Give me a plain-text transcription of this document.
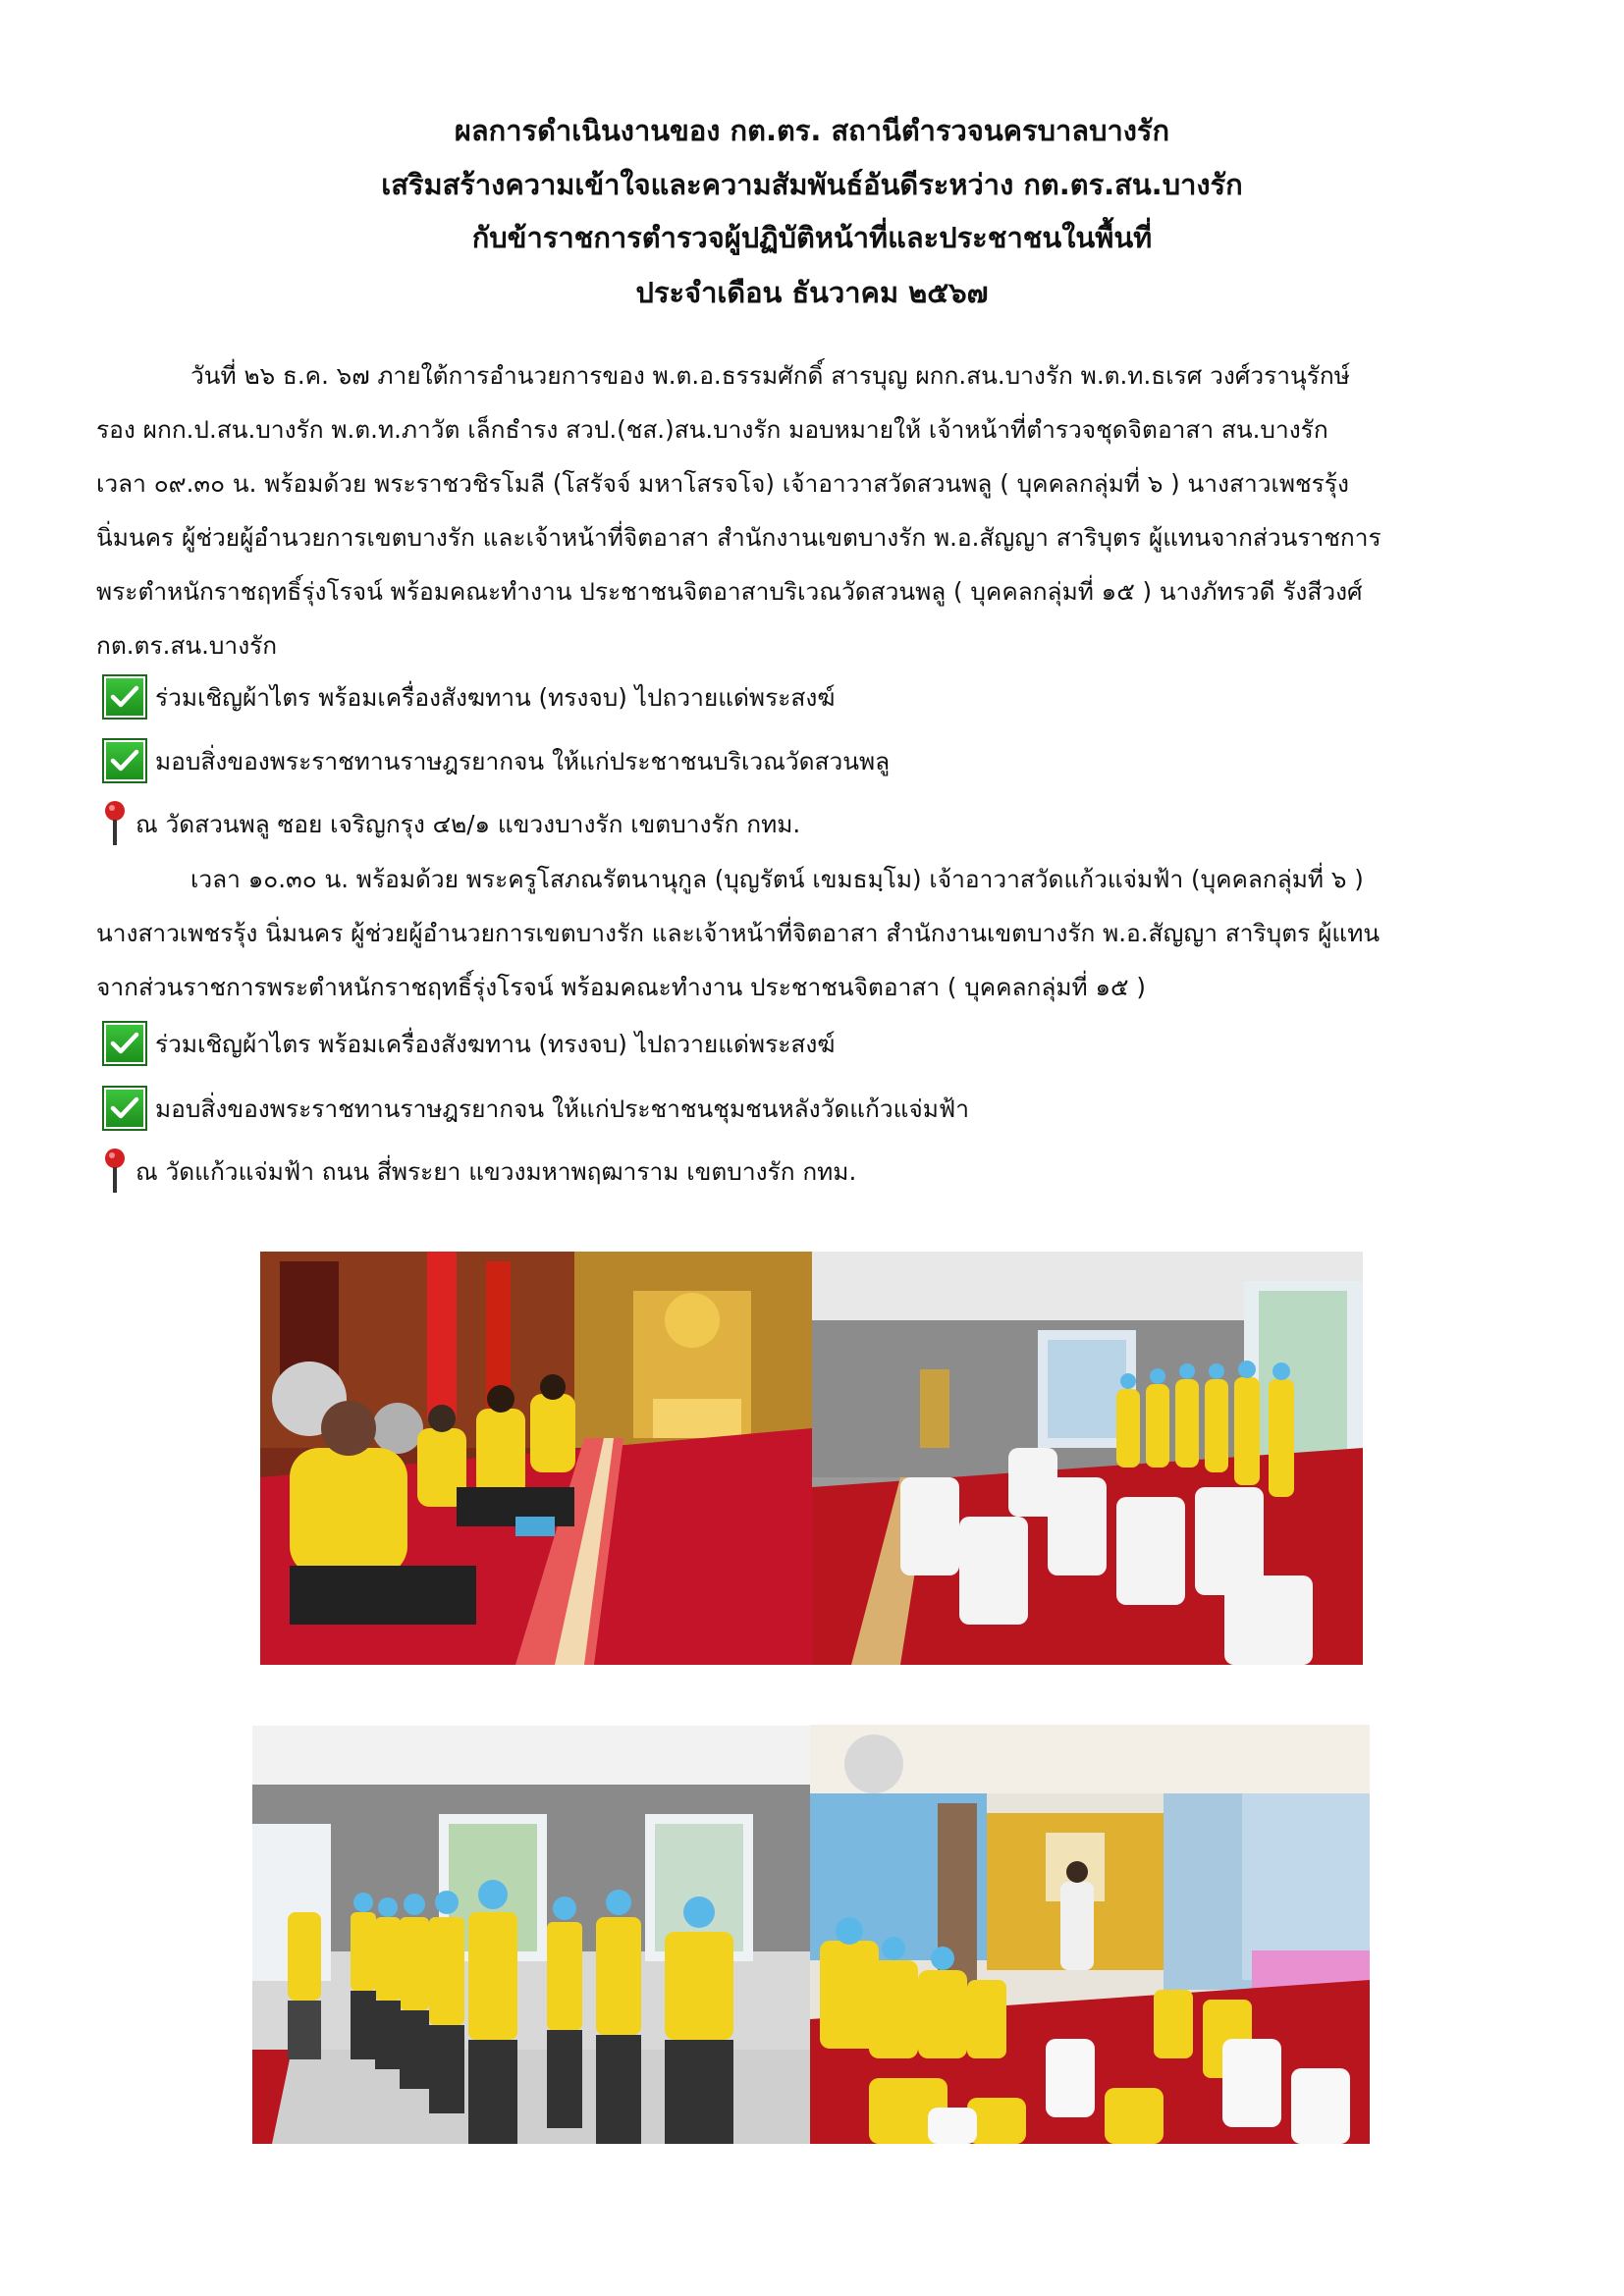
ผลการดำเนินงานของ กต.ตร. สถานีตำรวจนครบาลบางรัก
เสริมสร้างความเข้าใจและความสัมพันธ์อันดีระหว่าง กต.ตร.สน.บางรัก
กับข้าราชการตำรวจผู้ปฏิบัติหน้าที่และประชาชนในพื้นที่
ประจำเดือน ธันวาคม ๒๕๖๗
วันที่ ๒๖ ธ.ค. ๖๗ ภายใต้การอำนวยการของ พ.ต.อ.ธรรมศักดิ์ สารบุญ ผกก.สน.บางรัก พ.ต.ท.ธเรศ วงศ์วรานุรักษ์
รอง ผกก.ป.สน.บางรัก พ.ต.ท.ภาวัต เล็กธำรง สวป.(ชส.)สน.บางรัก มอบหมายให้ เจ้าหน้าที่ตำรวจชุดจิตอาสา สน.บางรัก
เวลา ๐๙.๓๐ น. พร้อมด้วย พระราชวชิรโมลี (โสรัจจ์ มหาโสรจโจ) เจ้าอาวาสวัดสวนพลู ( บุคคลกลุ่มที่ ๖ ) นางสาวเพชรรุ้ง
นิ่มนคร ผู้ช่วยผู้อำนวยการเขตบางรัก และเจ้าหน้าที่จิตอาสา สำนักงานเขตบางรัก พ.อ.สัญญา สาริบุตร ผู้แทนจากส่วนราชการ
พระตำหนักราชฤทธิ์รุ่งโรจน์ พร้อมคณะทำงาน ประชาชนจิตอาสาบริเวณวัดสวนพลู ( บุคคลกลุ่มที่ ๑๕ ) นางภัทรวดี รังสีวงศ์
กต.ตร.สน.บางรัก
ร่วมเชิญผ้าไตร พร้อมเครื่องสังฆทาน (ทรงจบ) ไปถวายแด่พระสงฆ์
มอบสิ่งของพระราชทานราษฎรยากจน ให้แก่ประชาชนบริเวณวัดสวนพลู
ณ วัดสวนพลู ซอย เจริญกรุง ๔๒/๑ แขวงบางรัก เขตบางรัก กทม.
เวลา ๑๐.๓๐ น. พร้อมด้วย พระครูโสภณรัตนานุกูล (บุญรัตน์ เขมธมฺโม) เจ้าอาวาสวัดแก้วแจ่มฟ้า (บุคคลกลุ่มที่ ๖ )
นางสาวเพชรรุ้ง นิ่มนคร ผู้ช่วยผู้อำนวยการเขตบางรัก และเจ้าหน้าที่จิตอาสา สำนักงานเขตบางรัก พ.อ.สัญญา สาริบุตร ผู้แทน
จากส่วนราชการพระตำหนักราชฤทธิ์รุ่งโรจน์ พร้อมคณะทำงาน ประชาชนจิตอาสา ( บุคคลกลุ่มที่ ๑๕ )
ร่วมเชิญผ้าไตร พร้อมเครื่องสังฆทาน (ทรงจบ) ไปถวายแด่พระสงฆ์
มอบสิ่งของพระราชทานราษฎรยากจน ให้แก่ประชาชนชุมชนหลังวัดแก้วแจ่มฟ้า
ณ วัดแก้วแจ่มฟ้า ถนน สี่พระยา แขวงมหาพฤฒาราม เขตบางรัก กทม.
